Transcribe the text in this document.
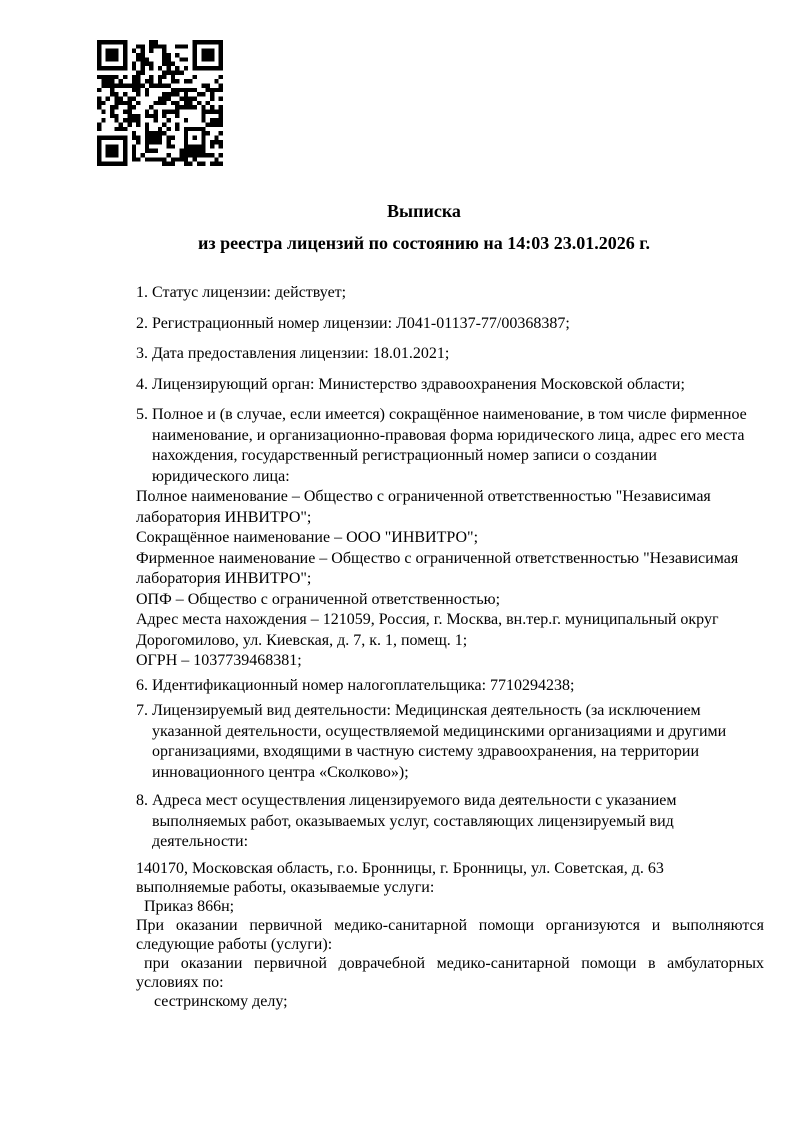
Выписка
из реестра лицензий по состоянию на 14:03 23.01.2026 г.

1. Статус лицензии: действует;

2. Регистрационный номер лицензии: Л041-01137-77/00368387;

3. Дата предоставления лицензии: 18.01.2021;

4. Лицензирующий орган: Министерство здравоохранения Московской области;

5. Полное и (в случае, если имеется) сокращённое наименование, в том числе фирменное
наименование, и организационно-правовая форма юридического лица, адрес его места
нахождения, государственный регистрационный номер записи о создании
юридического лица:
Полное наименование – Общество с ограниченной ответственностью "Независимая
лаборатория ИНВИТРО";
Сокращённое наименование – ООО "ИНВИТРО";
Фирменное наименование – Общество с ограниченной ответственностью "Независимая
лаборатория ИНВИТРО";
ОПФ – Общество с ограниченной ответственностью;
Адрес места нахождения – 121059, Россия, г. Москва, вн.тер.г. муниципальный округ
Дорогомилово, ул. Киевская, д. 7, к. 1, помещ. 1;
ОГРН – 1037739468381;

6. Идентификационный номер налогоплательщика: 7710294238;

7. Лицензируемый вид деятельности: Медицинская деятельность (за исключением
указанной деятельности, осуществляемой медицинскими организациями и другими
организациями, входящими в частную систему здравоохранения, на территории
инновационного центра «Сколково»);
8. Адреса мест осуществления лицензируемого вида деятельности с указанием
выполняемых работ, оказываемых услуг, составляющих лицензируемый вид
деятельности:
140170, Московская область, г.о. Бронницы, г. Бронницы, ул. Советская, д. 63
выполняемые работы, оказываемые услуги:
Приказ 866н;
При оказании первичной медико-санитарной помощи организуются и выполняются
следующие работы (услуги):
при оказании первичной доврачебной медико-санитарной помощи в амбулаторных
условиях по:
сестринскому делу;
